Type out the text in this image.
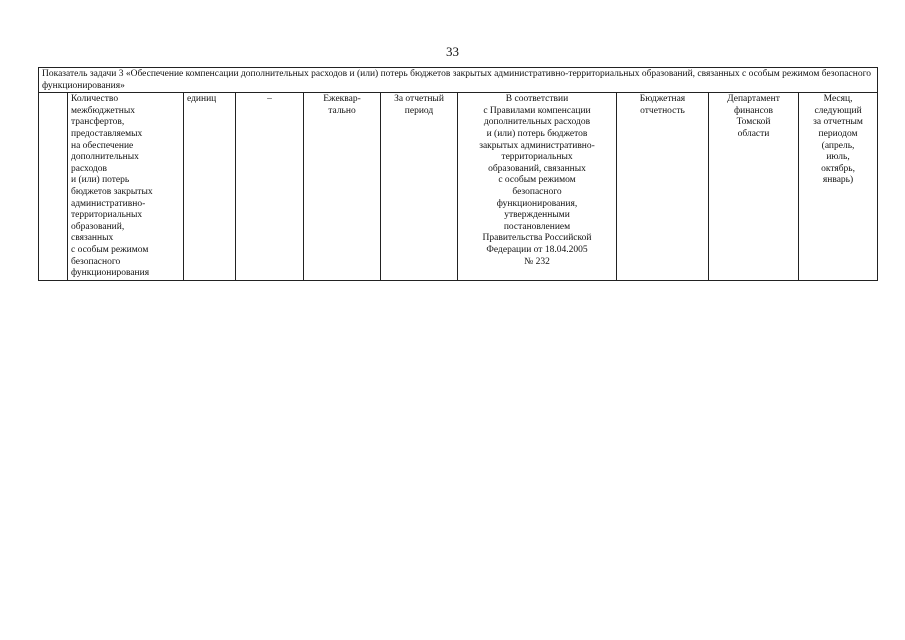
33
Показатель задачи 3 «Обеспечение компенсации дополнительных расходов и (или) потерь бюджетов закрытых административно-территориальных образований, связанных с особым режимом безопасного функционирования»
	Количество
межбюджетных
трансфертов,
предоставляемых
на обеспечение
дополнительных
расходов
и (или) потерь
бюджетов закрытых
административно-
территориальных
образований,
связанных
с особым режимом
безопасного
функционирования	единиц	–	Ежеквар-
тально	За отчетный
период	В соответствии
с Правилами компенсации
дополнительных расходов
и (или) потерь бюджетов
закрытых административно-
территориальных
образований, связанных
с особым режимом
безопасного
функционирования,
утвержденными
постановлением
Правительства Российской
Федерации от 18.04.2005
№ 232	Бюджетная
отчетность	Департамент
финансов
Томской
области	Месяц,
следующий
за отчетным
периодом
(апрель,
июль,
октябрь,
январь)
